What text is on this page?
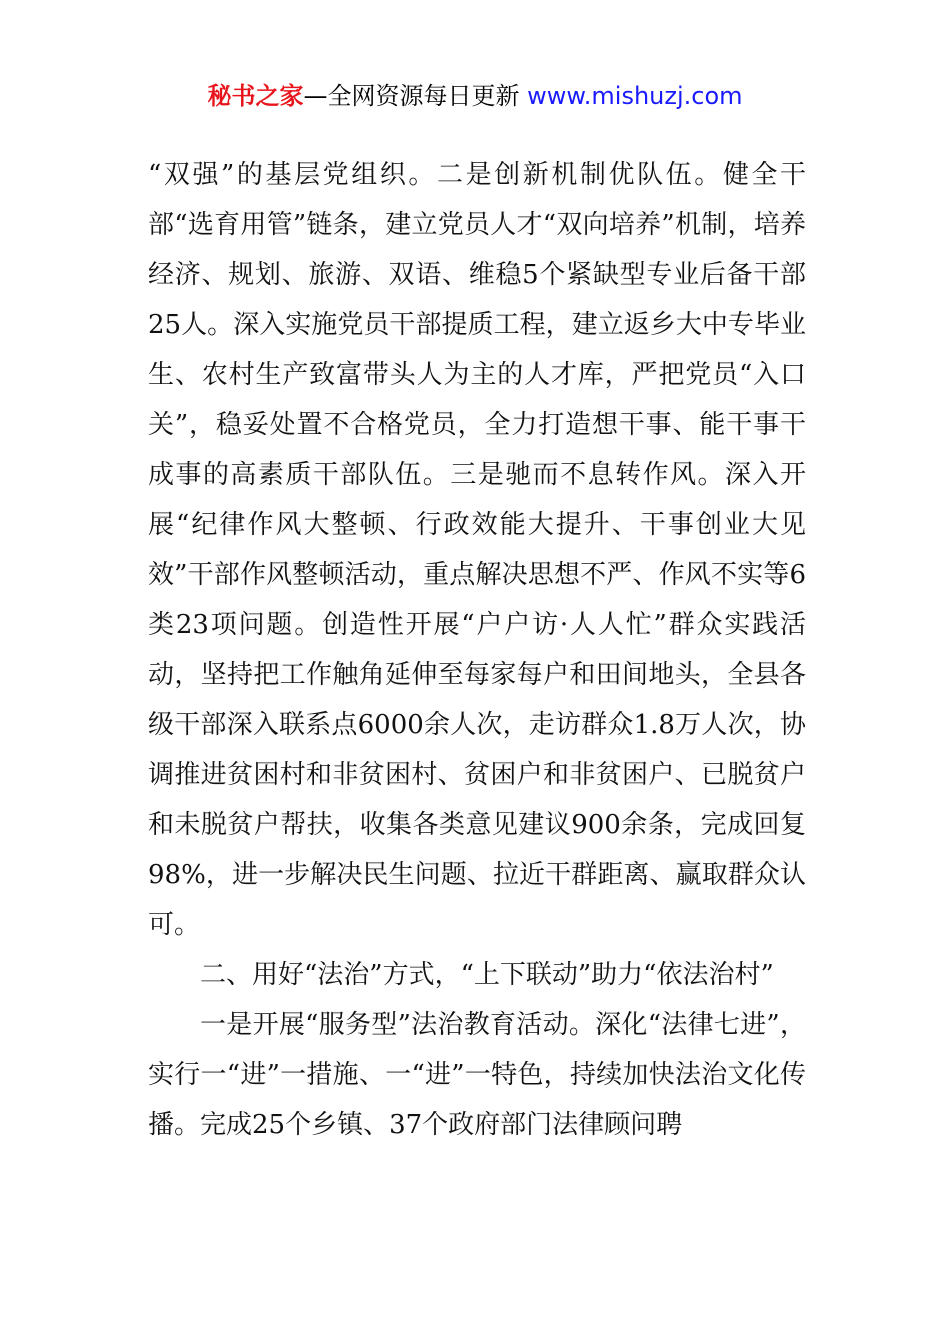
秘书之家—全网资源每日更新 www.mishuzj.com

“双强”的基层党组织。二是创新机制优队伍。健全干部“选育用管”链条，建立党员人才“双向培养”机制，培养经济、规划、旅游、双语、维稳5个紧缺型专业后备干部25人。深入实施党员干部提质工程，建立返乡大中专毕业生、农村生产致富带头人为主的人才库，严把党员“入口关”，稳妥处置不合格党员，全力打造想干事、能干事干成事的高素质干部队伍。三是驰而不息转作风。深入开展“纪律作风大整顿、行政效能大提升、干事创业大见效”干部作风整顿活动，重点解决思想不严、作风不实等6类23项问题。创造性开展“户户访·人人忙”群众实践活动，坚持把工作触角延伸至每家每户和田间地头，全县各级干部深入联系点6000余人次，走访群众1.8万人次，协调推进贫困村和非贫困村、贫困户和非贫困户、已脱贫户和未脱贫户帮扶，收集各类意见建议900余条，完成回复98%，进一步解决民生问题、拉近干群距离、赢取群众认可。

二、用好“法治”方式，“上下联动”助力“依法治村”

一是开展“服务型”法治教育活动。深化“法律七进”，实行一“进”一措施、一“进”一特色，持续加快法治文化传播。完成25个乡镇、37个政府部门法律顾问聘
